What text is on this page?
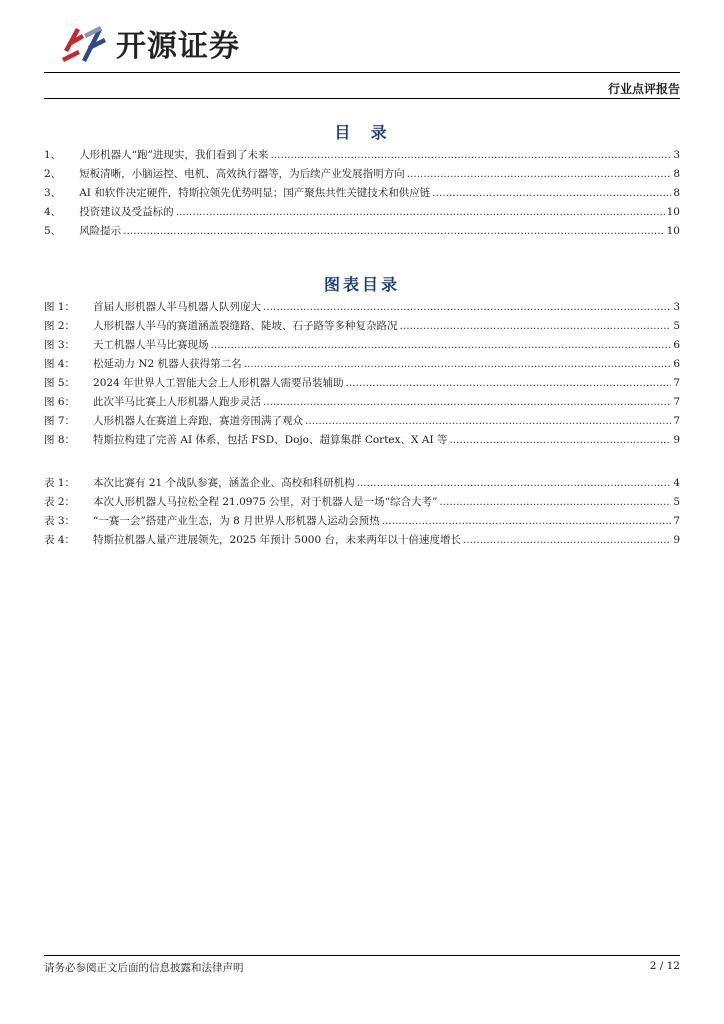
开源证券
行业点评报告
目  录
1、 人形机器人“跑”进现实，我们看到了未来 .....	3
2、 短板清晰，小脑运控、电机、高效执行器等，为后续产业发展指明方向 .....	8
3、 AI 和软件决定硬件，特斯拉领先优势明显；国产聚焦共性关键技术和供应链 .....	8
4、 投资建议及受益标的 .....	10
5、 风险提示 .....	10
图表目录
图 1： 首届人形机器人半马机器人队列庞大 .....	3
图 2： 人形机器人半马的赛道涵盖裂缝路、陡坡、石子路等多种复杂路况 .....	5
图 3： 天工机器人半马比赛现场 .....	6
图 4： 松延动力 N2 机器人获得第二名 .....	6
图 5： 2024 年世界人工智能大会上人形机器人需要吊装辅助 .....	7
图 6： 此次半马比赛上人形机器人跑步灵活 .....	7
图 7： 人形机器人在赛道上奔跑，赛道旁围满了观众 .....	7
图 8： 特斯拉构建了完善 AI 体系，包括 FSD、Dojo、超算集群 Cortex、X AI 等 .....	9
表 1： 本次比赛有 21 个战队参赛，涵盖企业、高校和科研机构 .....	4
表 2： 本次人形机器人马拉松全程 21.0975 公里，对于机器人是一场“综合大考” .....	5
表 3： “一赛一会”搭建产业生态，为 8 月世界人形机器人运动会预热 .....	7
表 4： 特斯拉机器人量产进展领先，2025 年预计 5000 台，未来两年以十倍速度增长 .....	9
请务必参阅正文后面的信息披露和法律声明	2 / 12
